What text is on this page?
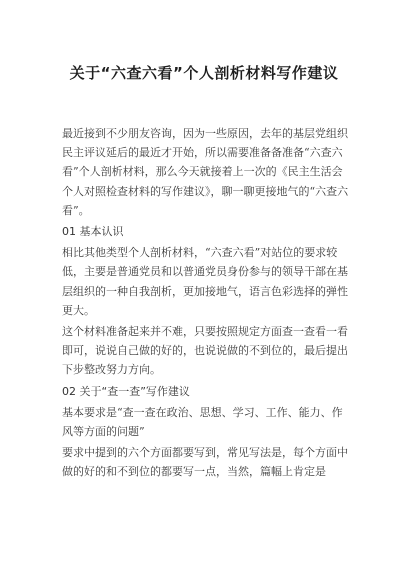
关于“六查六看”个人剖析材料写作建议

最近接到不少朋友咨询，因为一些原因，去年的基层党组织民主评议延后的最近才开始，所以需要准备备准备“六查六看”个人剖析材料，那么今天就接着上一次的《民主生活会个人对照检查材料的写作建议》，聊一聊更接地气的“六查六看”。

01 基本认识

相比其他类型个人剖析材料，“六查六看”对站位的要求较低，主要是普通党员和以普通党员身份参与的领导干部在基层组织的一种自我剖析，更加接地气，语言色彩选择的弹性更大。

这个材料准备起来并不难，只要按照规定方面查一查看一看即可，说说自己做的好的，也说说做的不到位的，最后提出下步整改努力方向。

02 关于“查一查”写作建议

基本要求是“查一查在政治、思想、学习、工作、能力、作风等方面的问题”

要求中提到的六个方面都要写到，常见写法是，每个方面中做的好的和不到位的都要写一点，当然，篇幅上肯定是
